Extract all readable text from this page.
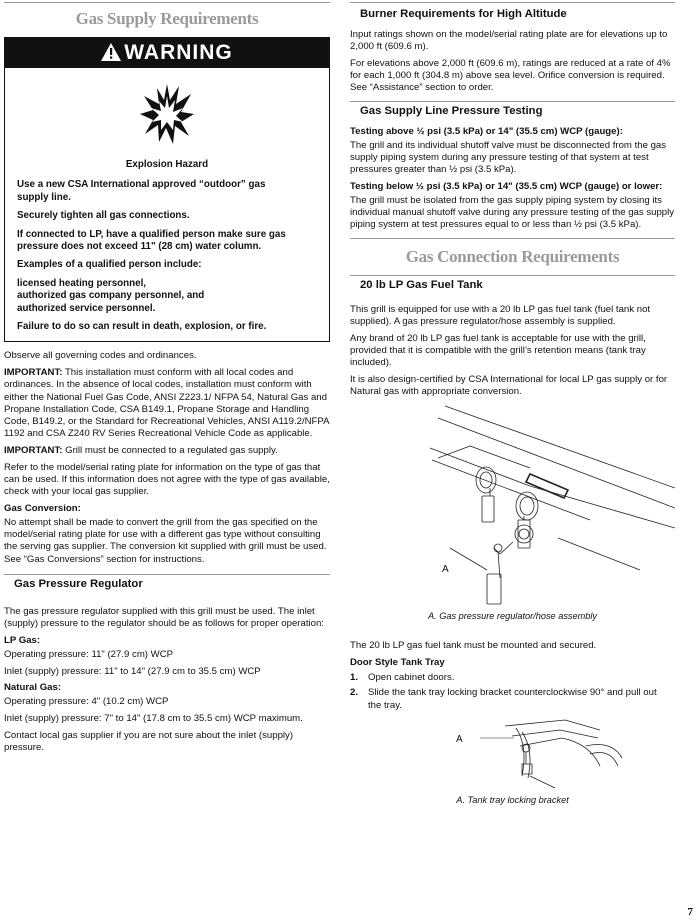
Gas Supply Requirements
WARNING

Explosion Hazard

Use a new CSA International approved “outdoor” gas supply line.

Securely tighten all gas connections.

If connected to LP, have a qualified person make sure gas pressure does not exceed 11" (28 cm) water column.

Examples of a qualified person include:

licensed heating personnel,
authorized gas company personnel, and
authorized service personnel.

Failure to do so can result in death, explosion, or fire.

Observe all governing codes and ordinances.

IMPORTANT: This installation must conform with all local codes and ordinances. In the absence of local codes, installation must conform with either the National Fuel Gas Code, ANSI Z223.1/ NFPA 54, Natural Gas and Propane Installation Code, CSA B149.1, Propane Storage and Handling Code, B149.2, or the Standard for Recreational Vehicles, ANSI A119.2/NFPA 1192 and CSA Z240 RV Series Recreational Vehicle Code as applicable.

IMPORTANT: Grill must be connected to a regulated gas supply.

Refer to the model/serial rating plate for information on the type of gas that can be used. If this information does not agree with the type of gas available, check with your local gas supplier.

Gas Conversion:

No attempt shall be made to convert the grill from the gas specified on the model/serial rating plate for use with a different gas type without consulting the serving gas supplier. The conversion kit supplied with grill must be used. See “Gas Conversions” section for instructions.

Gas Pressure Regulator

The gas pressure regulator supplied with this grill must be used. The inlet (supply) pressure to the regulator should be as follows for proper operation:

LP Gas:

Operating pressure: 11" (27.9 cm) WCP

Inlet (supply) pressure: 11" to 14" (27.9 cm to 35.5 cm) WCP

Natural Gas:

Operating pressure: 4" (10.2 cm) WCP

Inlet (supply) pressure: 7" to 14" (17.8 cm to 35.5 cm) WCP maximum.

Contact local gas supplier if you are not sure about the inlet (supply) pressure.

Burner Requirements for High Altitude

Input ratings shown on the model/serial rating plate are for elevations up to 2,000 ft (609.6 m).

For elevations above 2,000 ft (609.6 m), ratings are reduced at a rate of 4% for each 1,000 ft (304.8 m) above sea level. Orifice conversion is required. See “Assistance” section to order.

Gas Supply Line Pressure Testing

Testing above ½ psi (3.5 kPa) or 14" (35.5 cm) WCP (gauge):

The grill and its individual shutoff valve must be disconnected from the gas supply piping system during any pressure testing of that system at test pressures greater than ½ psi (3.5 kPa).

Testing below ½ psi (3.5 kPa) or 14" (35.5 cm) WCP (gauge) or lower:

The grill must be isolated from the gas supply piping system by closing its individual manual shutoff valve during any pressure testing of the gas supply piping system at test pressures equal to or less than ½ psi (3.5 kPa).

Gas Connection Requirements
20 lb LP Gas Fuel Tank

This grill is equipped for use with a 20 lb LP gas fuel tank (fuel tank not supplied). A gas pressure regulator/hose assembly is supplied.

Any brand of 20 lb LP gas fuel tank is acceptable for use with the grill, provided that it is compatible with the grill’s retention means (tank tray included).

It is also design-certified by CSA International for local LP gas supply or for Natural gas with appropriate conversion.

A

A. Gas pressure regulator/hose assembly

The 20 lb LP gas fuel tank must be mounted and secured.

Door Style Tank Tray

1.	Open cabinet doors.
2.	Slide the tank tray locking bracket counterclockwise 90° and pull out the tray.
A

A. Tank tray locking bracket

7
